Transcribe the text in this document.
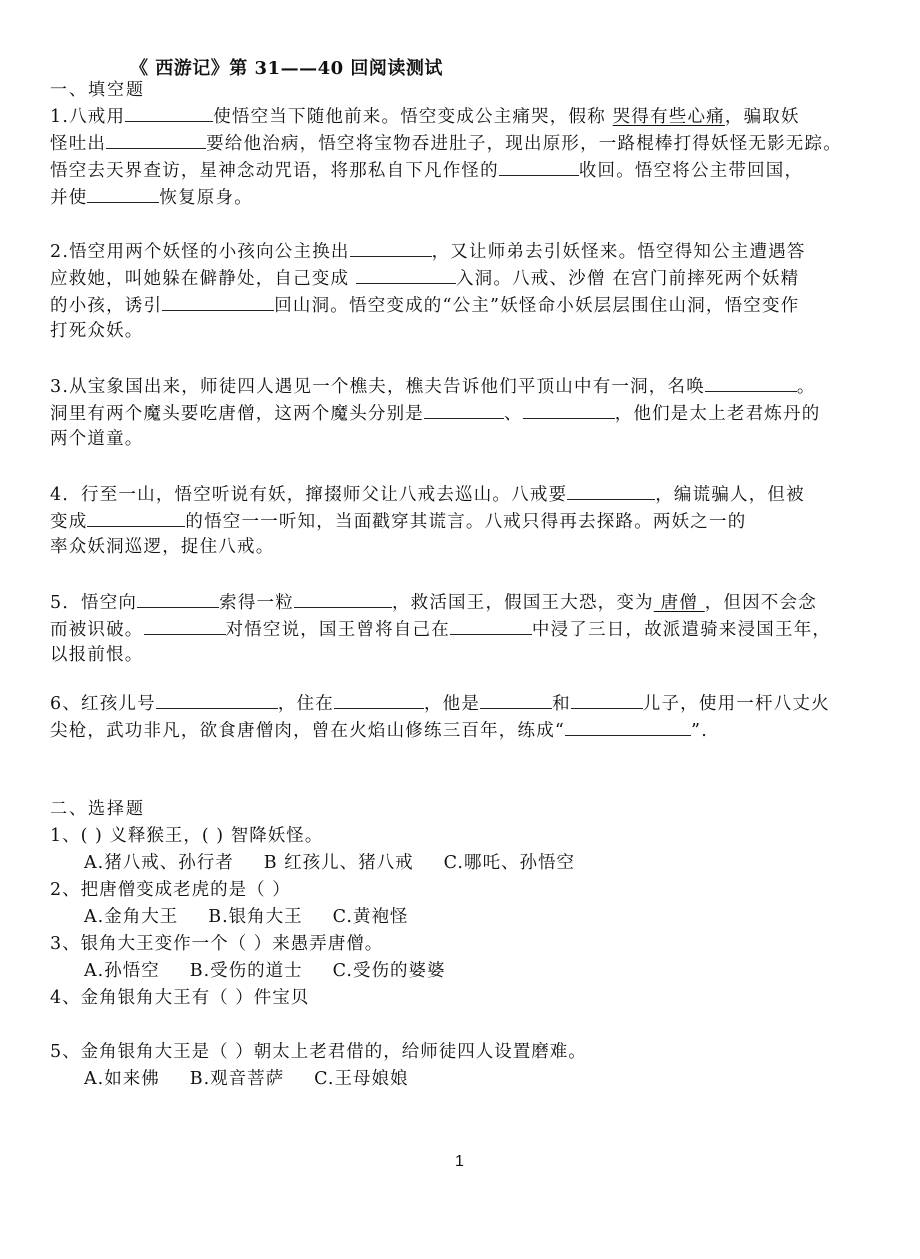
《 西游记》第 31——40 回阅读测试
一、填空题
1.八戒用	使悟空当下随他前来。悟空变成公主痛哭，假称 哭得有些心痛，骗取妖
怪吐出	要给他治病，悟空将宝物吞进肚子，现出原形，一路棍棒打得妖怪无影无踪。
悟空去天界查访，星神念动咒语，将那私自下凡作怪的	收回。悟空将公主带回国，
并使	恢复原身。
2.悟空用两个妖怪的小孩向公主换出	，又让师弟去引妖怪来。悟空得知公主遭遇答
应救她，叫她躲在僻静处，自己变成	入洞。八戒、沙僧 在宫门前摔死两个妖精
的小孩，诱引	回山洞。悟空变成的“公主”妖怪命小妖层层围住山洞，悟空变作
打死众妖。
3.从宝象国出来，师徒四人遇见一个樵夫，樵夫告诉他们平顶山中有一洞，名唤	。
洞里有两个魔头要吃唐僧，这两个魔头分别是	、	，他们是太上老君炼丹的
两个道童。
4．行至一山，悟空听说有妖，撺掇师父让八戒去巡山。八戒要	，编谎骗人，但被
变成	的悟空一一听知，当面戳穿其谎言。八戒只得再去探路。两妖之一的
率众妖洞巡逻，捉住八戒。
5．悟空向	索得一粒	，救活国王，假国王大恐，变为 唐僧 ，但因不会念
而被识破。	对悟空说，国王曾将自己在	中浸了三日，故派遣骑来浸国王年，
以报前恨。
6、红孩儿号	，住在	，他是	和	儿子，使用一杆八丈火
尖枪，武功非凡，欲食唐僧肉，曾在火焰山修练三百年，练成“	”.
二、选择题
1、( ) 义释猴王，( ) 智降妖怪。
A.猪八戒、孙行者 B 红孩儿、猪八戒 C.哪吒、孙悟空
2、把唐僧变成老虎的是（ ）
A.金角大王 B.银角大王 C.黄袍怪
3、银角大王变作一个（ ）来愚弄唐僧。
A.孙悟空 B.受伤的道士 C.受伤的婆婆
4、金角银角大王有（ ）件宝贝
5、金角银角大王是（ ）朝太上老君借的，给师徒四人设置磨难。
A.如来佛 B.观音菩萨 C.王母娘娘
1
